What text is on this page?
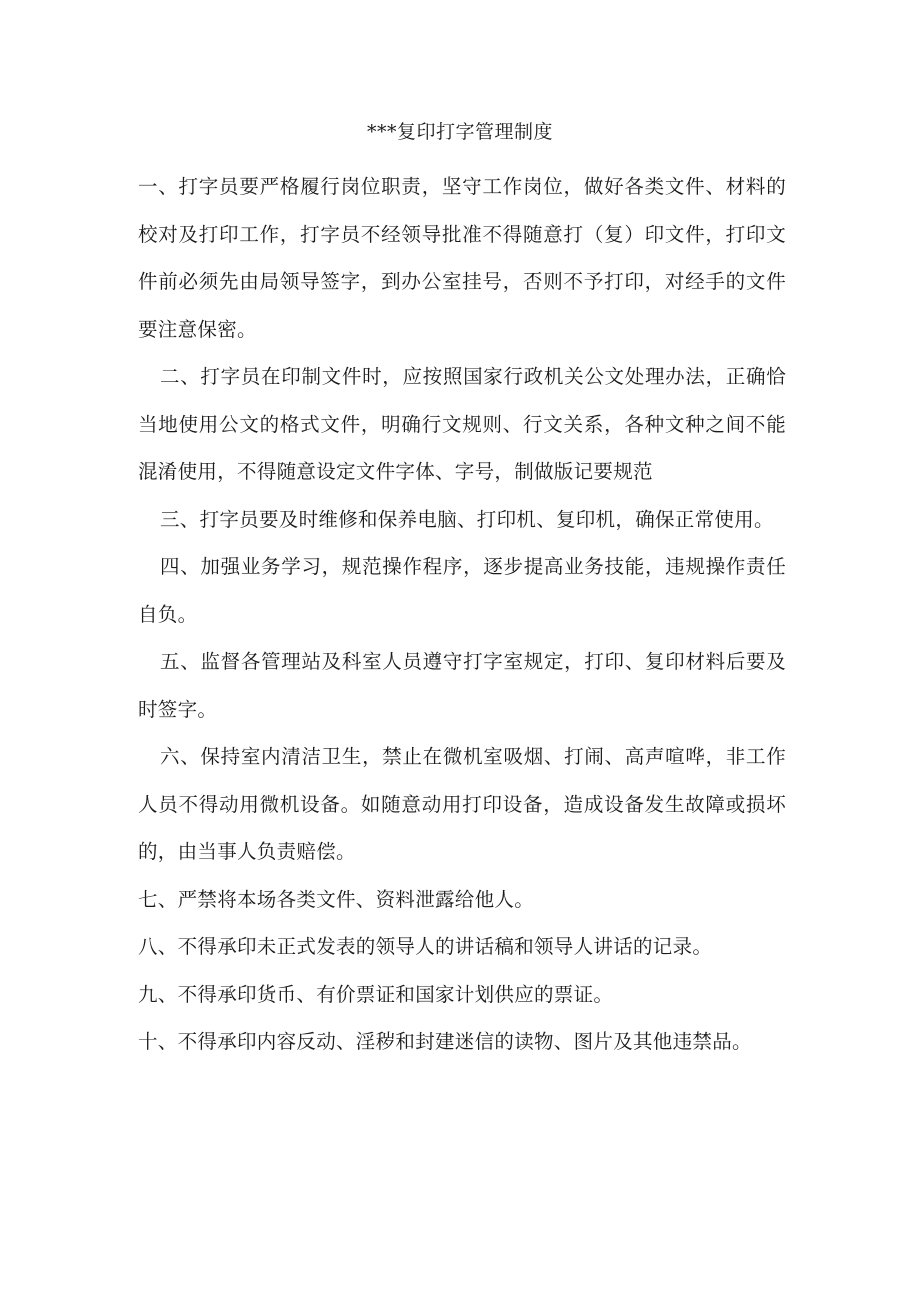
***复印打字管理制度

一、打字员要严格履行岗位职责，坚守工作岗位，做好各类文件、材料的校对及打印工作，打字员不经领导批准不得随意打（复）印文件，打印文件前必须先由局领导签字，到办公室挂号，否则不予打印，对经手的文件要注意保密。

二、打字员在印制文件时，应按照国家行政机关公文处理办法，正确恰当地使用公文的格式文件，明确行文规则、行文关系，各种文种之间不能混淆使用，不得随意设定文件字体、字号，制做版记要规范

三、打字员要及时维修和保养电脑、打印机、复印机，确保正常使用。

四、加强业务学习，规范操作程序，逐步提高业务技能，违规操作责任自负。

五、监督各管理站及科室人员遵守打字室规定，打印、复印材料后要及时签字。

六、保持室内清洁卫生，禁止在微机室吸烟、打闹、高声喧哗，非工作人员不得动用微机设备。如随意动用打印设备，造成设备发生故障或损坏的，由当事人负责赔偿。

七、严禁将本场各类文件、资料泄露给他人。

八、不得承印未正式发表的领导人的讲话稿和领导人讲话的记录。

九、不得承印货币、有价票证和国家计划供应的票证。

十、不得承印内容反动、淫秽和封建迷信的读物、图片及其他违禁品。
